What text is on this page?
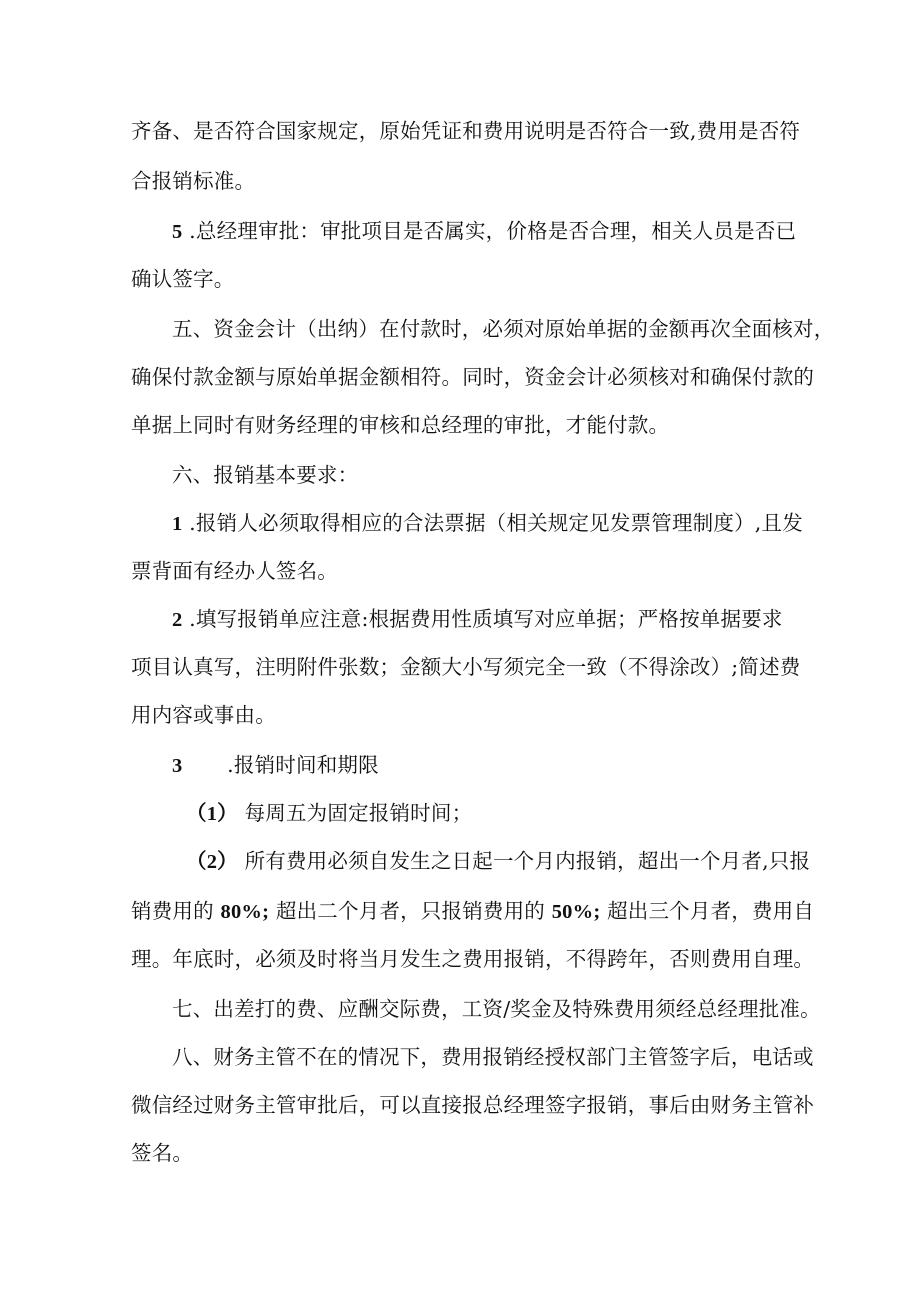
齐备、是否符合国家规定，原始凭证和费用说明是否符合一致,费用是否符
合报销标准。
5 .总经理审批：审批项目是否属实，价格是否合理，相关人员是否已
确认签字。
五、资金会计（出纳）在付款时，必须对原始单据的金额再次全面核对，
确保付款金额与原始单据金额相符。同时，资金会计必须核对和确保付款的
单据上同时有财务经理的审核和总经理的审批，才能付款。
六、报销基本要求：
1 .报销人必须取得相应的合法票据（相关规定见发票管理制度）,且发
票背面有经办人签名。
2 .填写报销单应注意:根据费用性质填写对应单据；严格按单据要求
项目认真写，注明附件张数；金额大小写须完全一致（不得涂改）;简述费
用内容或事由。
3 .报销时间和期限
（1） 每周五为固定报销时间；
（2） 所有费用必须自发生之日起一个月内报销，超出一个月者,只报
销费用的 80%; 超出二个月者，只报销费用的 50%; 超出三个月者，费用自
理。年底时，必须及时将当月发生之费用报销，不得跨年，否则费用自理。
七、出差打的费、应酬交际费，工资/奖金及特殊费用须经总经理批准。
八、财务主管不在的情况下，费用报销经授权部门主管签字后，电话或
微信经过财务主管审批后，可以直接报总经理签字报销，事后由财务主管补
签名。
